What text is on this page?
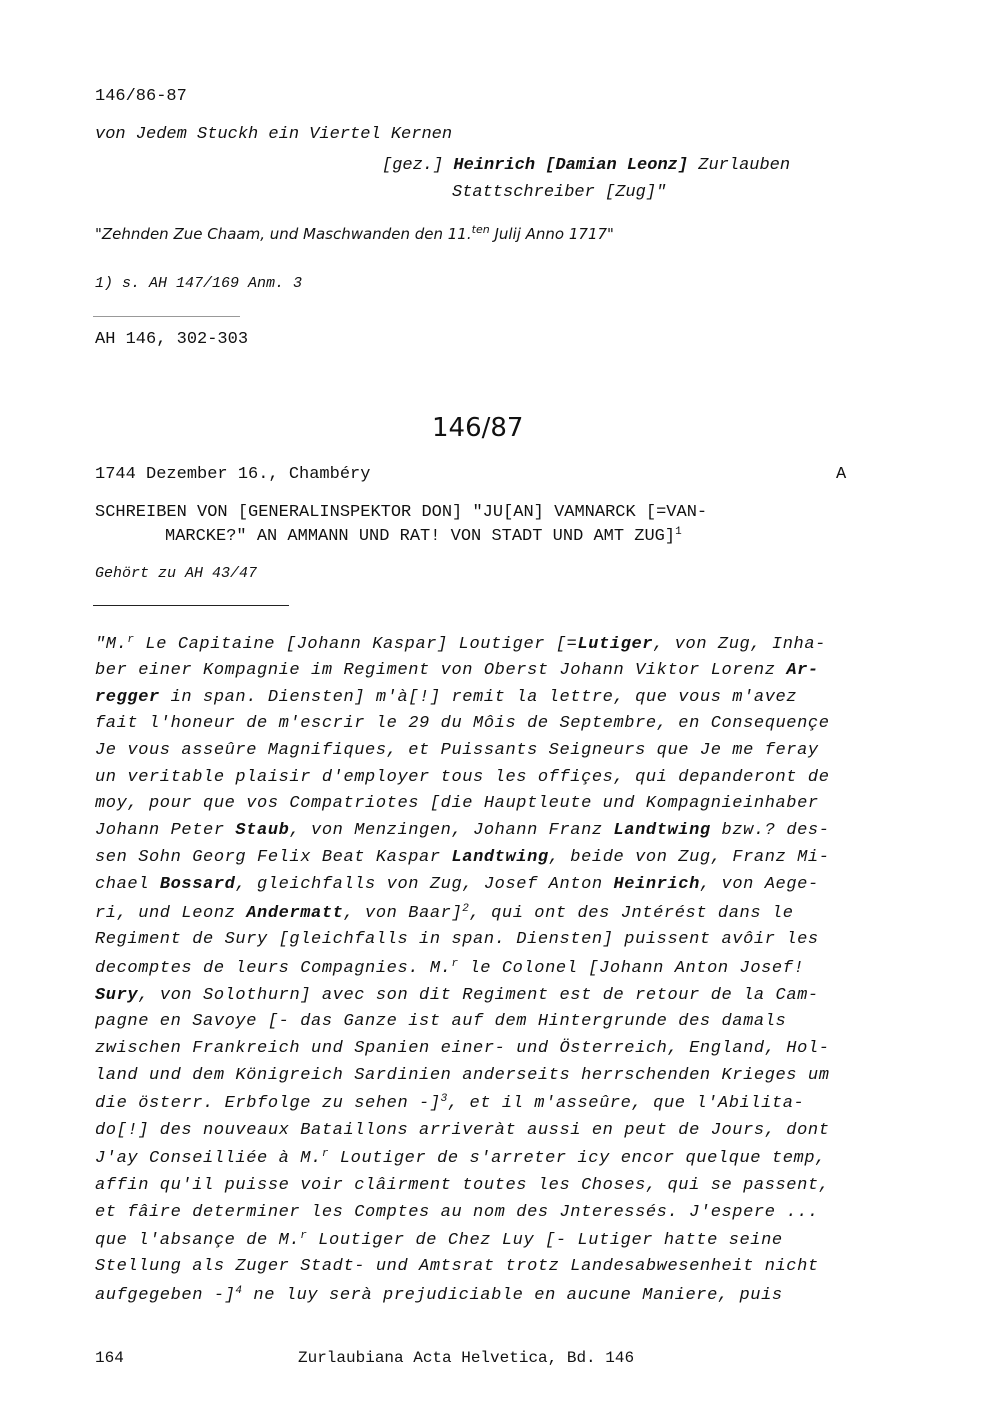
146/86-87
von Jedem Stuckh ein Viertel Kernen
[gez.] Heinrich [Damian Leonz] Zurlauben
Stattschreiber [Zug]"
"Zehnden Zue Chaam, und Maschwanden den 11.$^{ten}$ Julij Anno 1717"
1) s. AH 147/169 Anm. 3
AH 146, 302-303
146/87
1744 Dezember 16., Chambéry	A
SCHREIBEN VON [GENERALINSPEKTOR DON] "JU[AN] VAMNARCK [=VAN-
MARCKE?" AN AMMANN UND RAT! VON STADT UND AMT ZUG]$^1$
Gehört zu AH 43/47
"M.$^r$ Le Capitaine [Johann Kaspar] Loutiger [=Lutiger, von Zug, Inha-
ber einer Kompagnie im Regiment von Oberst Johann Viktor Lorenz Ar-
regger in span. Diensten] m'à[!] remit la lettre, que vous m'avez
fait l'honeur de m'escrir le 29 du Môis de Septembre, en Consequençe
Je vous asseûre Magnifiques, et Puissants Seigneurs que Je me feray
un veritable plaisir d'employer tous les offiçes, qui depanderont de
moy, pour que vos Compatriotes [die Hauptleute und Kompagnieinhaber
Johann Peter Staub, von Menzingen, Johann Franz Landtwing bzw.? des-
sen Sohn Georg Felix Beat Kaspar Landtwing, beide von Zug, Franz Mi-
chael Bossard, gleichfalls von Zug, Josef Anton Heinrich, von Aege-
ri, und Leonz Andermatt, von Baar]$^2$, qui ont des Jntérést dans le
Regiment de Sury [gleichfalls in span. Diensten] puissent avôir les
decomptes de leurs Compagnies. M.$^r$ le Colonel [Johann Anton Josef!
Sury, von Solothurn] avec son dit Regiment est de retour de la Cam-
pagne en Savoye [- das Ganze ist auf dem Hintergrunde des damals
zwischen Frankreich und Spanien einer- und Österreich, England, Hol-
land und dem Königreich Sardinien anderseits herrschenden Krieges um
die österr. Erbfolge zu sehen -]$^3$, et il m'asseûre, que l'Abilita-
do[!] des nouveaux Bataillons arriveràt aussi en peut de Jours, dont
J'ay Conseilliée à M.$^r$ Loutiger de s'arreter icy encor quelque temp,
affin qu'il puisse voir clâirment toutes les Choses, qui se passent,
et fâire determiner les Comptes au nom des Jnteressés. J'espere ...
que l'absançe de M.$^r$ Loutiger de Chez Luy [- Lutiger hatte seine
Stellung als Zuger Stadt- und Amtsrat trotz Landesabwesenheit nicht
aufgegeben -]$^4$ ne luy serà prejudiciable en aucune Maniere, puis
164	Zurlaubiana Acta Helvetica, Bd. 146
